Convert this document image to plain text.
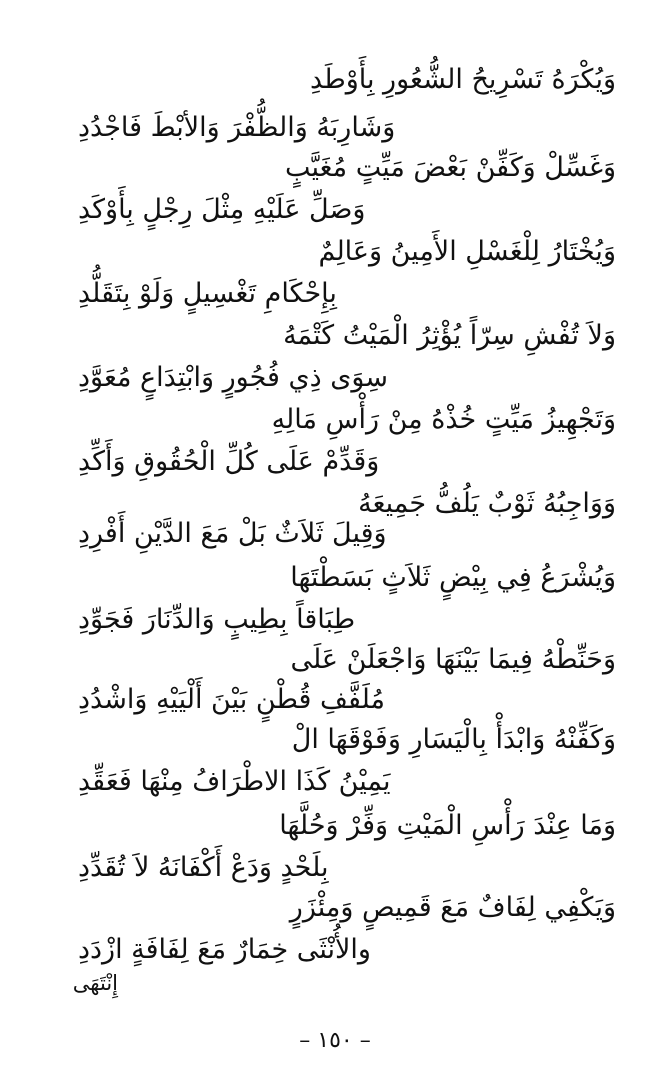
وَيُكْرَهُ تَسْرِيحُ الشُّعُورِ بِأَوْطَدِ
وَشَارِبَهُ وَالظُّفْرَ وَالأبْطَ فَاجْدُدِ
وَغَسِّلْ وَكَفِّنْ بَعْضَ مَيِّتٍ مُغَيَّبٍ
وَصَلِّ عَلَيْهِ مِثْلَ رِجْلٍ بِأَوْكَدِ
وَيُخْتَارُ لِلْغَسْلِ الأَمِينُ وَعَالِمٌ
بِإِحْكَامِ تَغْسِيلٍ وَلَوْ بِتَقَلُّدِ
وَلاَ تُفْشِ سِرّاً يُؤْثِرُ الْمَيْتُ كَتْمَهُ
سِوَى ذِي فُجُورٍ وَابْتِدَاعٍ مُعَوَّدِ
وَتَجْهِيزُ مَيِّتٍ خُذْهُ مِنْ رَأْسِ مَالِهِ
وَقَدِّمْ عَلَى كُلِّ الْحُقُوقِ وَأَكِّدِ
وَوَاجِبُهُ ثَوْبٌ يَلُفُّ جَمِيعَهُ
وَقِيلَ ثَلاَثٌ بَلْ مَعَ الدَّيْنِ أَفْرِدِ
وَيُشْرَعُ فِي بِيْضٍ ثَلاَثٍ بَسَطْتَهَا
طِبَاقاً بِطِيبٍ وَالدِّنَارَ فَجَوِّدِ
وَحَنِّطْهُ فِيمَا بَيْنَهَا وَاجْعَلَنْ عَلَى
مُلَفَّفِ قُطْنٍ بَيْنَ أَلْيَيْهِ وَاشْدُدِ
وَكَفِّنْهُ وَابْدَأْ بِالْيَسَارِ وَفَوْقَهَا الْ
يَمِيْنُ كَذَا الاطْرَافُ مِنْهَا فَعَقِّدِ
وَمَا عِنْدَ رَأْسِ الْمَيْتِ وَفِّرْ وَحُلَّهَا
بِلَحْدٍ وَدَعْ أَكْفَانَهُ لاَ تُقَدِّدِ
وَيَكْفِي لِفَافٌ مَعَ قَمِيصٍ وَمِئْزَرٍ
والأُنْثَى خِمَارٌ مَعَ لِفَافَةٍ ازْدَدِ
إِنْتَهَى
– ١٥٠ –
